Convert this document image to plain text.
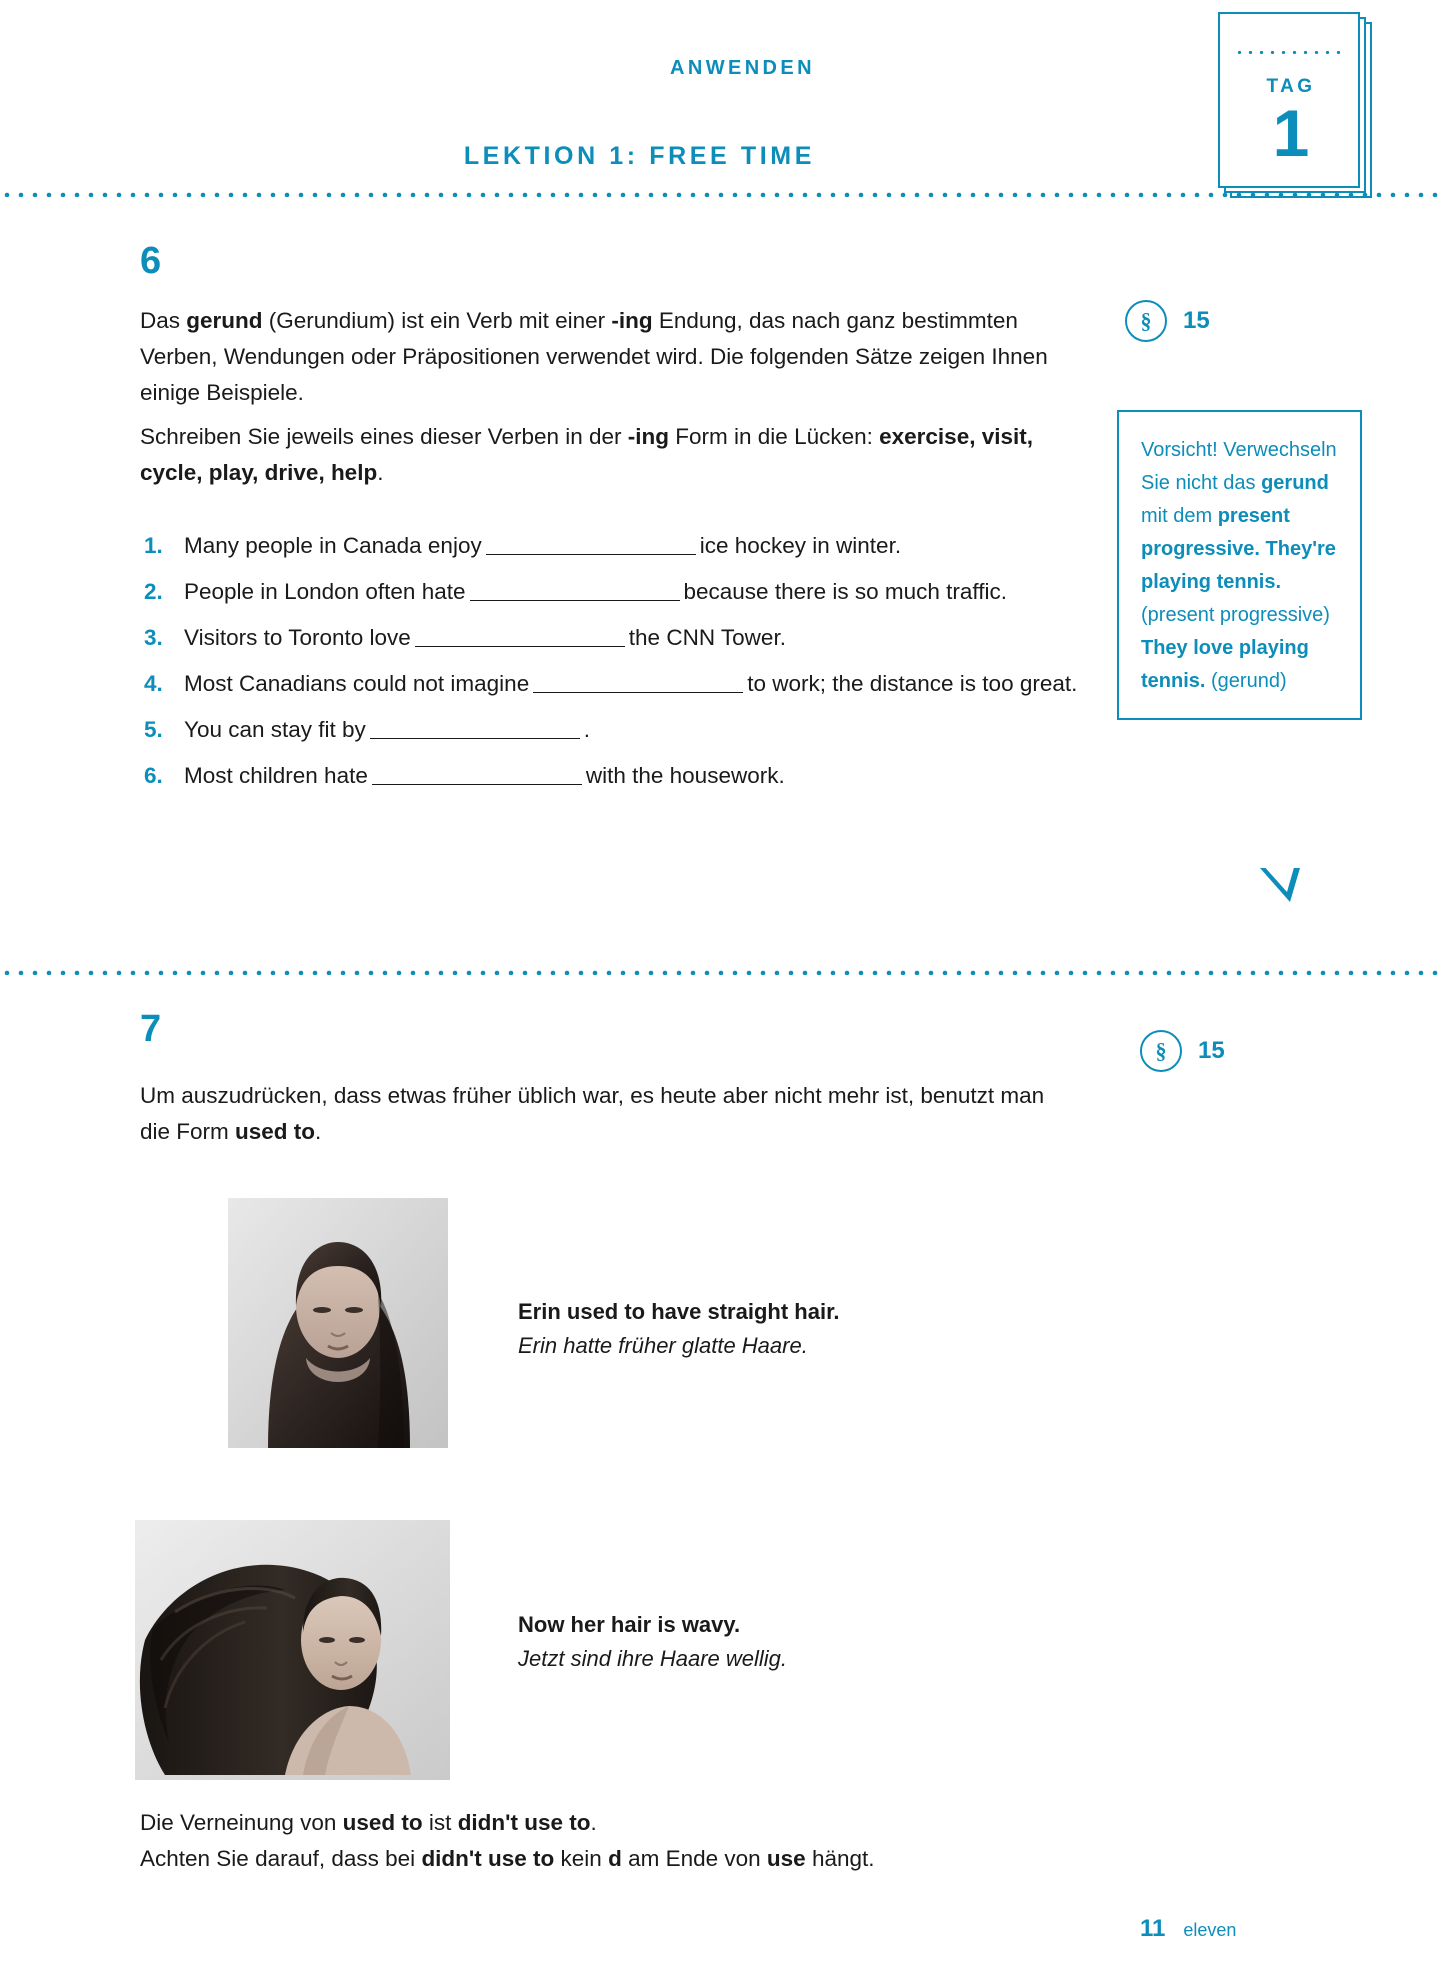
ANWENDEN
LEKTION 1: FREE TIME
TAG
1
6

Das gerund (Gerundium) ist ein Verb mit einer -ing Endung, das nach ganz bestimmten Verben, Wendungen oder Präpositionen verwendet wird. Die folgenden Sätze zeigen Ihnen einige Beispiele.

Schreiben Sie jeweils eines dieser Verben in der -ing Form in die Lücken: exercise, visit, cycle, play, drive, help.

§	15
1. Many people in Canada enjoy	ice hockey in winter.
2. People in London often hate	because there is so much traffic.
3. Visitors to Toronto love	the CNN Tower.
4. Most Canadians could not imagine	to work; the distance is too great.
5. You can stay fit by	.
6. Most children hate	with the housework.
Vorsicht! Verwechseln Sie nicht das gerund mit dem present progressive. They're playing tennis. (present progressive) They love playing tennis. (gerund)
7
§	15

Um auszudrücken, dass etwas früher üblich war, es heute aber nicht mehr ist, benutzt man die Form used to.

Erin used to have straight hair.
Erin hatte früher glatte Haare.
Now her hair is wavy.
Jetzt sind ihre Haare wellig.

Die Verneinung von used to ist didn't use to.

Achten Sie darauf, dass bei didn't use to kein d am Ende von use hängt.

11 eleven
